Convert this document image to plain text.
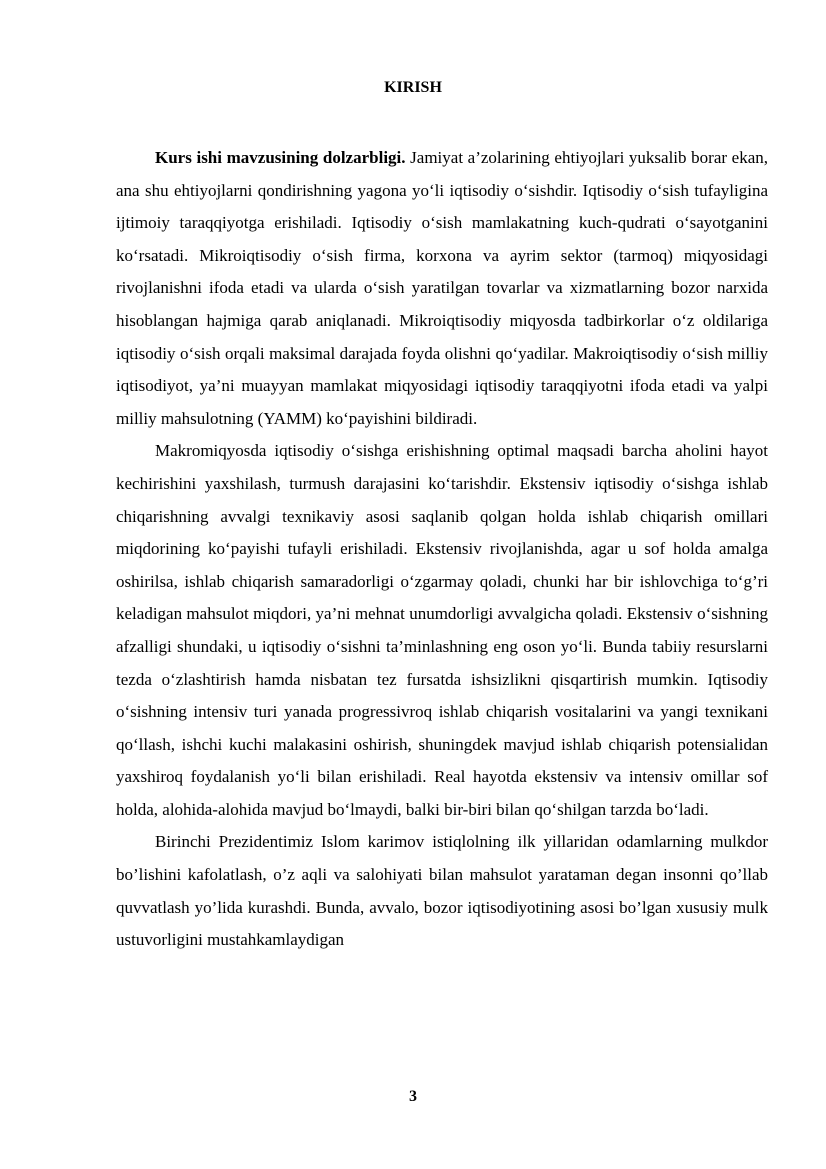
KIRISH

Kurs ishi mavzusining dolzarbligi. Jamiyat a’zolarining ehtiyojlari yuksalib borar ekan, ana shu ehtiyojlarni qondirishning yagona yo‘li iqtisodiy o‘sishdir. Iqtisodiy o‘sish tufayligina ijtimoiy taraqqiyotga erishiladi. Iqtisodiy o‘sish mamlakatning kuch-qudrati o‘sayotganini ko‘rsatadi. Mikroiqtisodiy o‘sish firma, korxona va ayrim sektor (tarmoq) miqyosidagi rivojlanishni ifoda etadi va ularda o‘sish yaratilgan tovarlar va xizmatlarning bozor narxida hisoblangan hajmiga qarab aniqlanadi. Mikroiqtisodiy miqyosda tadbirkorlar o‘z oldilariga iqtisodiy o‘sish orqali maksimal darajada foyda olishni qo‘yadilar. Makroiqtisodiy o‘sish milliy iqtisodiyot, ya’ni muayyan mamlakat miqyosidagi iqtisodiy taraqqiyotni ifoda etadi va yalpi milliy mahsulotning (YAMM) ko‘payishini bildiradi.

Makromiqyosda iqtisodiy o‘sishga erishishning optimal maqsadi barcha aholini hayot kechirishini yaxshilash, turmush darajasini ko‘tarishdir. Ekstensiv iqtisodiy o‘sishga ishlab chiqarishning avvalgi texnikaviy asosi saqlanib qolgan holda ishlab chiqarish omillari miqdorining ko‘payishi tufayli erishiladi. Ekstensiv rivojlanishda, agar u sof holda amalga oshirilsa, ishlab chiqarish samaradorligi o‘zgarmay qoladi, chunki har bir ishlovchiga to‘g’ri keladigan mahsulot miqdori, ya’ni mehnat unumdorligi avvalgicha qoladi. Ekstensiv o‘sishning afzalligi shundaki, u iqtisodiy o‘sishni ta’minlashning eng oson yo‘li. Bunda tabiiy resurslarni tezda o‘zlashtirish hamda nisbatan tez fursatda ishsizlikni qisqartirish mumkin. Iqtisodiy o‘sishning intensiv turi yanada progressivroq ishlab chiqarish vositalarini va yangi texnikani qo‘llash, ishchi kuchi malakasini oshirish, shuningdek mavjud ishlab chiqarish potensialidan yaxshiroq foydalanish yo‘li bilan erishiladi. Real hayotda ekstensiv va intensiv omillar sof holda, alohida-alohida mavjud bo‘lmaydi, balki bir-biri bilan qo‘shilgan tarzda bo‘ladi.

Birinchi Prezidentimiz Islom karimov istiqlolning ilk yillaridan odamlarning mulkdor bo’lishini kafolatlash, o’z aqli va salohiyati bilan mahsulot yarataman degan insonni qo’llab quvvatlash yo’lida kurashdi. Bunda, avvalo, bozor iqtisodiyotining asosi bo’lgan xususiy mulk ustuvorligini mustahkamlaydigan

3
